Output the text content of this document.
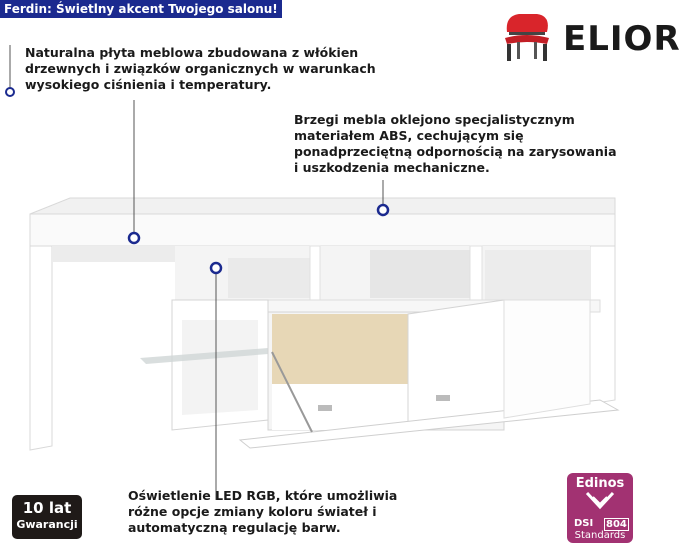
Ferdin: Świetlny akcent Twojego salonu!
ELIOR
Naturalna płyta meblowa zbudowana z włókien
drzewnych i związków organicznych w warunkach
wysokiego ciśnienia i temperatury.
Brzegi mebla oklejono specjalistycznym
materiałem ABS, cechującym się
ponadprzeciętną odpornością na zarysowania
i uszkodzenia mechaniczne.
Oświetlenie LED RGB, które umożliwia
różne opcje zmiany koloru świateł i
automatyczną regulację barw.
10 lat
Gwarancji
Edinos
DSI 804
Standards
